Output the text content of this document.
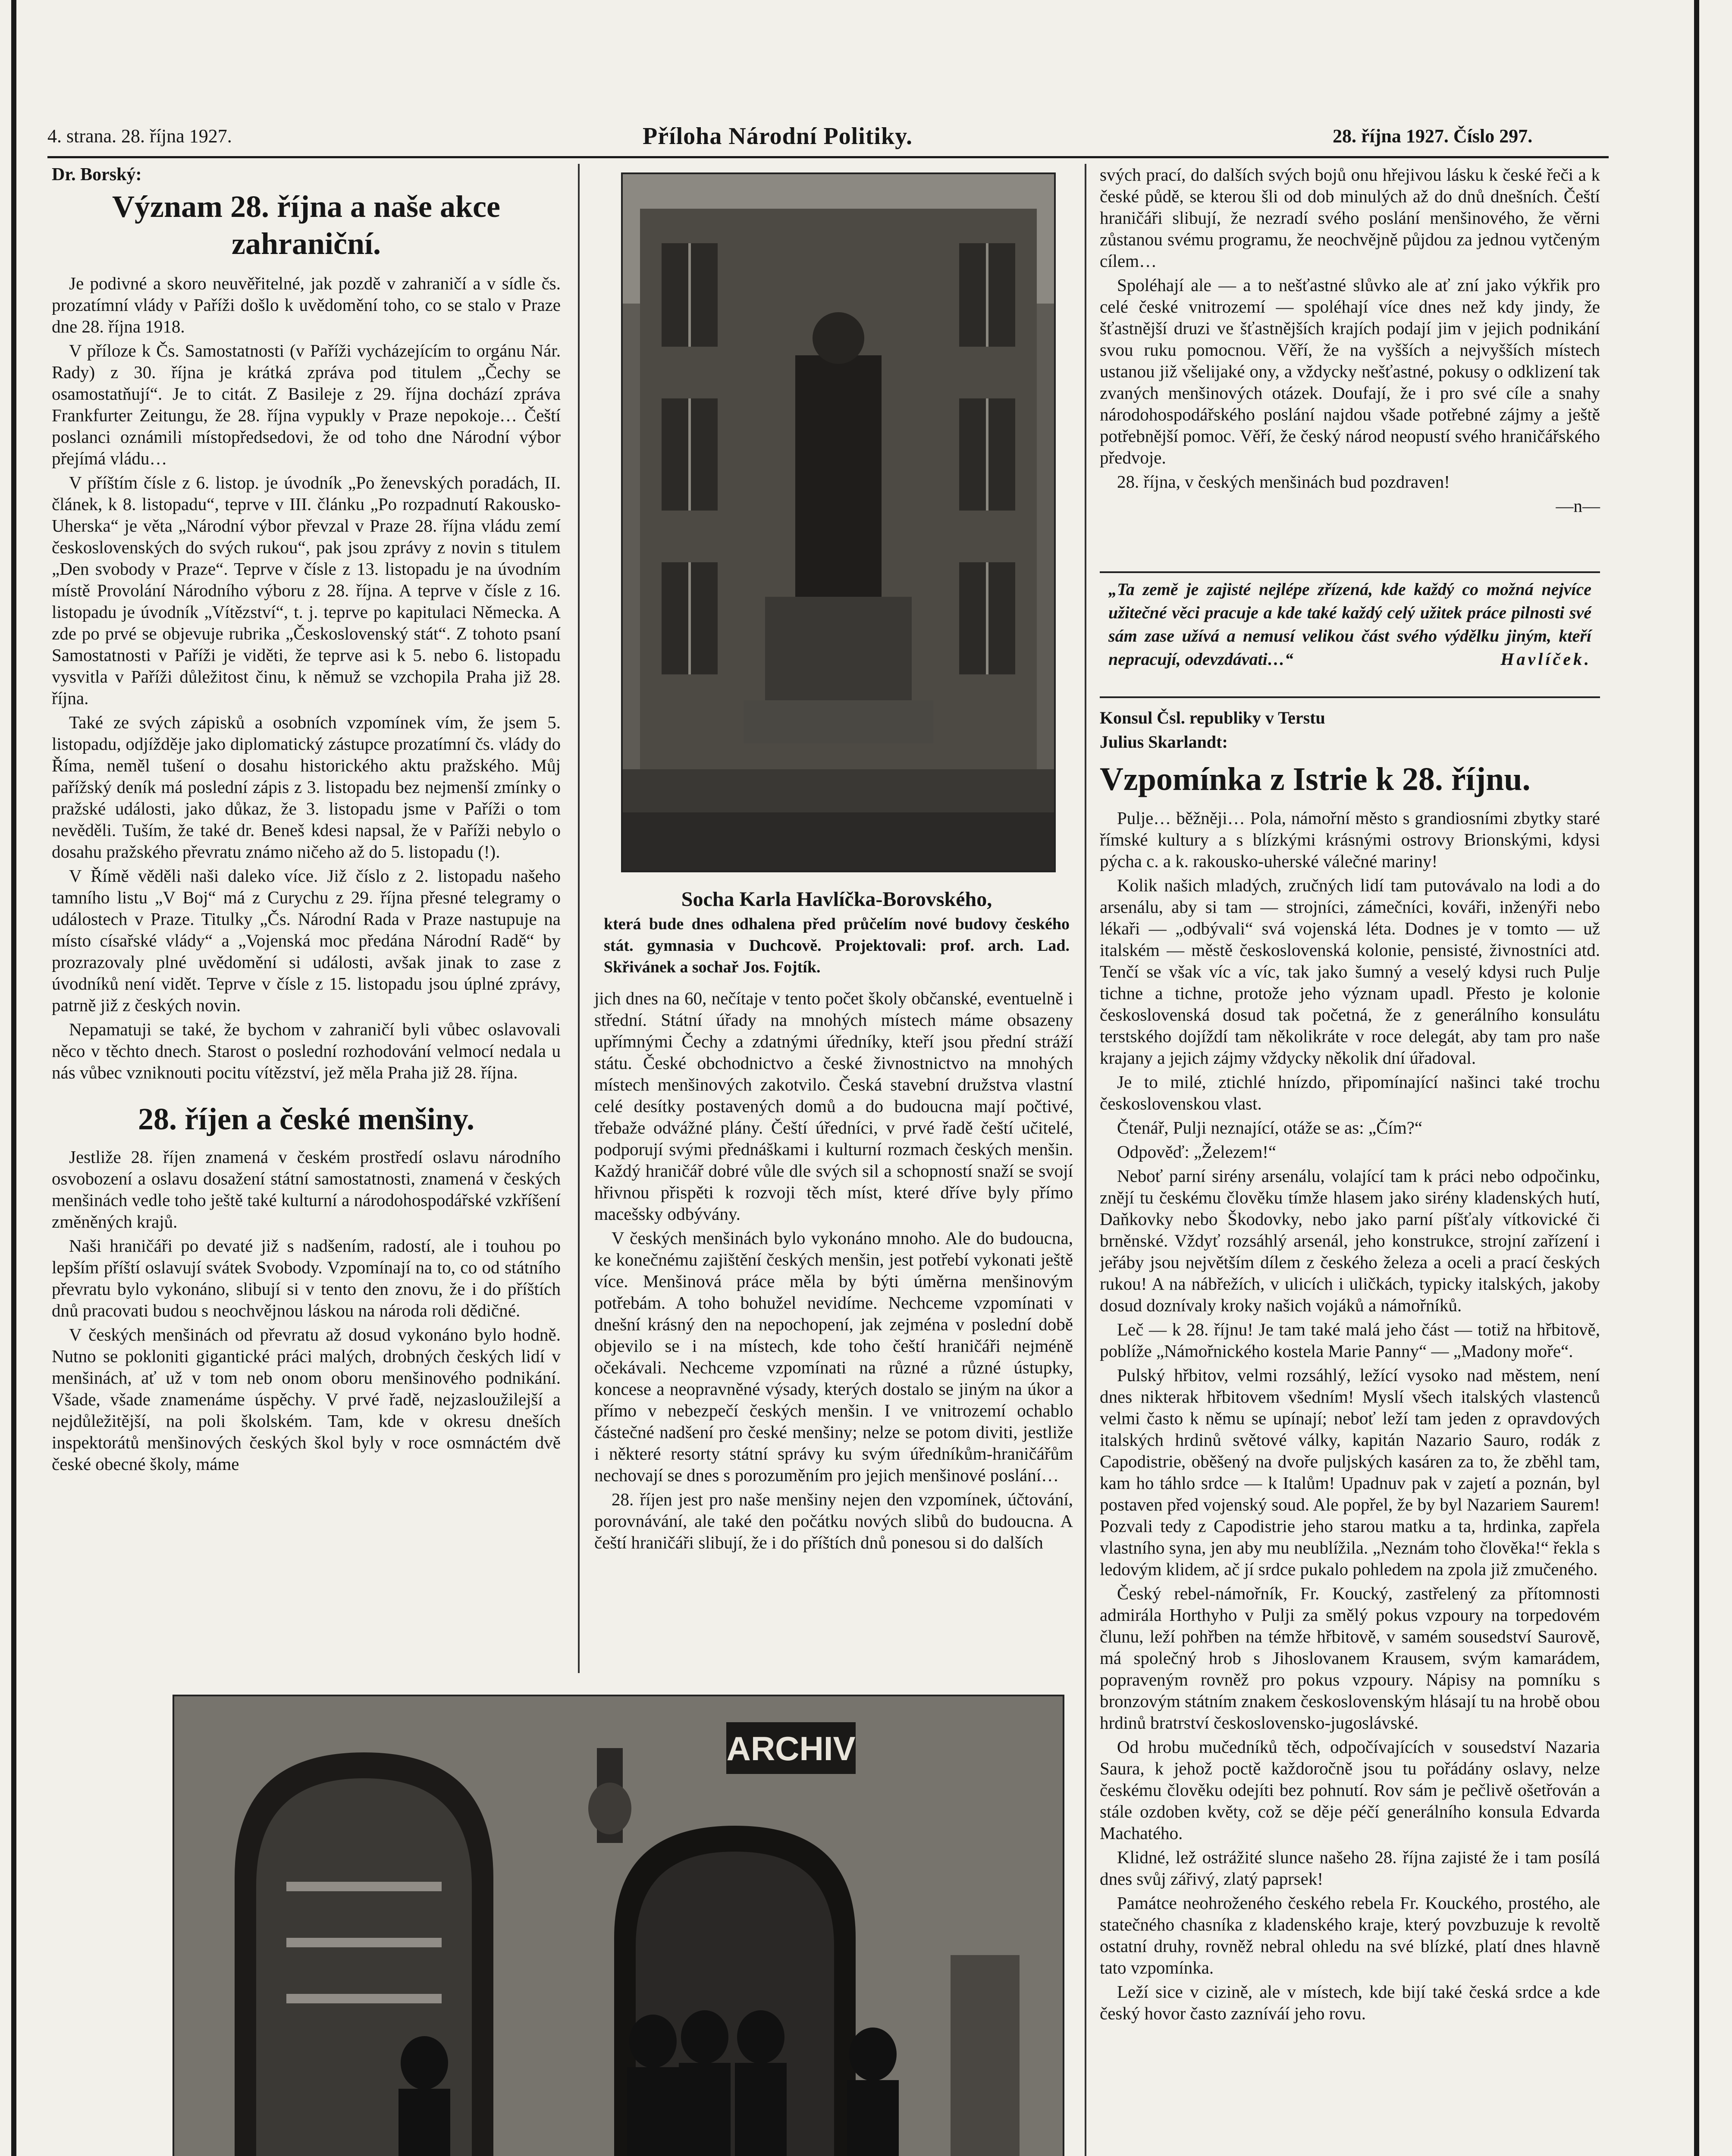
4. strana. 28. října 1927.	Příloha Národní Politiky.	28. října 1927. Číslo 297.

Dr. Borský:

Význam 28. října a naše akce zahraniční.

Je podivné a skoro neuvěřitelné, jak pozdě v zahraničí a v sídle čs. prozatímní vlády v Paříži došlo k uvědomění toho, co se stalo v Praze dne 28. října 1918.

V příloze k Čs. Samostatnosti (v Paříži vycházejícím to orgánu Nár. Rady) z 30. října je krátká zpráva pod titulem „Čechy se osamostatňují“. Je to citát. Z Basileje z 29. října dochází zpráva Frankfurter Zeitungu, že 28. října vypukly v Praze nepokoje… Čeští poslanci oznámili místopředsedovi, že od toho dne Národní výbor přejímá vládu…

V příštím čísle z 6. listop. je úvodník „Po ženevských poradách, II. článek, k 8. listopadu“, teprve v III. článku „Po rozpadnutí Rakousko-Uherska“ je věta „Národní výbor převzal v Praze 28. října vládu zemí československých do svých rukou“, pak jsou zprávy z novin s titulem „Den svobody v Praze“. Teprve v čísle z 13. listopadu je na úvodním místě Provolání Národního výboru z 28. října. A teprve v čísle z 16. listopadu je úvodník „Vítězství“, t. j. teprve po kapitulaci Německa. A zde po prvé se objevuje rubrika „Československý stát“. Z tohoto psaní Samostatnosti v Paříži je viděti, že teprve asi k 5. nebo 6. listopadu vysvitla v Paříži důležitost činu, k němuž se vzchopila Praha již 28. října.

Také ze svých zápisků a osobních vzpomínek vím, že jsem 5. listopadu, odjížděje jako diplomatický zástupce prozatímní čs. vlády do Říma, neměl tušení o dosahu historického aktu pražského. Můj pařížský deník má poslední zápis z 3. listopadu bez nejmenší zmínky o pražské události, jako důkaz, že 3. listopadu jsme v Paříži o tom nevěděli. Tuším, že také dr. Beneš kdesi napsal, že v Paříži nebylo o dosahu pražského převratu známo ničeho až do 5. listopadu (!).

V Římě věděli naši daleko více. Již číslo z 2. listopadu našeho tamního listu „V Boj“ má z Curychu z 29. října přesné telegramy o událostech v Praze. Titulky „Čs. Národní Rada v Praze nastupuje na místo císařské vlády“ a „Vojenská moc předána Národní Radě“ by prozrazovaly plné uvědomění si události, avšak jinak to zase z úvodníků není vidět. Teprve v čísle z 15. listopadu jsou úplné zprávy, patrně již z českých novin.

Nepamatuji se také, že bychom v zahraničí byli vůbec oslavovali něco v těchto dnech. Starost o poslední rozhodování velmocí nedala u nás vůbec vzniknouti pocitu vítězství, jež měla Praha již 28. října.

28. říjen a české menšiny.

Jestliže 28. říjen znamená v českém prostředí oslavu národního osvobození a oslavu dosažení státní samostatnosti, znamená v českých menšinách vedle toho ještě také kulturní a národohospodářské vzkříšení změněných krajů.

Naši hraničáři po devaté již s nadšením, radostí, ale i touhou po lepším příští oslavují svátek Svobody. Vzpomínají na to, co od státního převratu bylo vykonáno, slibují si v tento den znovu, že i do příštích dnů pracovati budou s neochvějnou láskou na národa roli dědičné.

V českých menšinách od převratu až dosud vykonáno bylo hodně. Nutno se pokloniti gigantické práci malých, drobných českých lidí v menšinách, ať už v tom neb onom oboru menšinového podnikání. Všade, všade znamenáme úspěchy. V prvé řadě, nejzasloužilejší a nejdůležitější, na poli školském. Tam, kde v okresu dneších inspektorátů menšinových českých škol byly v roce osmnáctém dvě české obecné školy, máme

Socha Karla Havlíčka-Borovského,
která bude dnes odhalena před průčelím nové budovy českého stát. gymnasia v Duchcově. Projektovali: prof. arch. Lad. Skřivánek a sochař Jos. Fojtík.

jich dnes na 60, nečítaje v tento počet školy občanské, eventuelně i střední. Státní úřady na mnohých místech máme obsazeny upřímnými Čechy a zdatnými úředníky, kteří jsou přední stráží státu. České obchodnictvo a české živnostnictvo na mnohých místech menšinových zakotvilo. Česká stavební družstva vlastní celé desítky postavených domů a do budoucna mají počtivé, třebaže odvážné plány. Čeští úředníci, v prvé řadě čeští učitelé, podporují svými přednáškami i kulturní rozmach českých menšin. Každý hraničář dobré vůle dle svých sil a schopností snaží se svojí hřivnou přispěti k rozvoji těch míst, které dříve byly přímo macešsky odbývány.

V českých menšinách bylo vykonáno mnoho. Ale do budoucna, ke konečnému zajištění českých menšin, jest potřebí vykonati ještě více. Menšinová práce měla by býti úměrna menšinovým potřebám. A toho bohužel nevidíme. Nechceme vzpomínati v dnešní krásný den na nepochopení, jak zejména v poslední době objevilo se i na místech, kde toho čeští hraničáři nejméně očekávali. Nechceme vzpomínati na různé a různé ústupky, koncese a neopravněné výsady, kterých dostalo se jiným na úkor a přímo v nebezpečí českých menšin. I ve vnitrozemí ochablo částečné nadšení pro české menšiny; nelze se potom diviti, jestliže i některé resorty státní správy ku svým úředníkům-hraničářům nechovají se dnes s porozuměním pro jejich menšinové poslání…

28. říjen jest pro naše menšiny nejen den vzpomínek, účtování, porovnávání, ale také den počátku nových slibů do budoucna. A čeští hraničáři slibují, že i do příštích dnů ponesou si do dalších

svých prací, do dalších svých bojů onu hřejivou lásku k české řeči a k české půdě, se kterou šli od dob minulých až do dnů dnešních. Čeští hraničáři slibují, že nezradí svého poslání menšinového, že věrni zůstanou svému programu, že neochvějně půjdou za jednou vytčeným cílem…

Spoléhají ale — a to nešťastné slůvko ale ať zní jako výkřik pro celé české vnitrozemí — spoléhají více dnes než kdy jindy, že šťastnější druzi ve šťastnějších krajích podají jim v jejich podnikání svou ruku pomocnou. Věří, že na vyšších a nejvyšších místech ustanou již všelijaké ony, a vždycky nešťastné, pokusy o odklizení tak zvaných menšinových otázek. Doufají, že i pro své cíle a snahy národohospodářského poslání najdou všade potřebné zájmy a ještě potřebnější pomoc. Věří, že český národ neopustí svého hraničářského předvoje.

28. října, v českých menšinách bud pozdraven!

—n—

„Ta země je zajisté nejlépe zřízená, kde každý co možná nejvíce užitečné věci pracuje a kde také každý celý užitek práce pilnosti své sám zase užívá a nemusí velikou část svého výdělku jiným, kteří nepracují, odevzdávati…“	Havlíček.

Konsul Čsl. republiky v Terstu

Julius Skarlandt:

Vzpomínka z Istrie k 28. říjnu.

Pulje… běžněji… Pola, námořní město s grandiosními zbytky staré římské kultury a s blízkými krásnými ostrovy Brionskými, kdysi pýcha c. a k. rakousko-uherské válečné mariny!

Kolik našich mladých, zručných lidí tam putovávalo na lodi a do arsenálu, aby si tam — strojníci, zámečníci, kováři, inženýři nebo lékaři — „odbývali“ svá vojenská léta. Dodnes je v tomto — už italském — městě československá kolonie, pensisté, živnostníci atd. Tenčí se však víc a víc, tak jako šumný a veselý kdysi ruch Pulje tichne a tichne, protože jeho význam upadl. Přesto je kolonie československá dosud tak početná, že z generálního konsulátu terstského dojíždí tam několikráte v roce delegát, aby tam pro naše krajany a jejich zájmy vždycky několik dní úřadoval.

Je to milé, ztichlé hnízdo, připomínající našinci také trochu československou vlast.

Čtenář, Pulji neznající, otáže se as: „Čím?“

Odpověď: „Železem!“

Neboť parní sirény arsenálu, volající tam k práci nebo odpočinku, znějí tu českému člověku tímže hlasem jako sirény kladenských hutí, Daňkovky nebo Škodovky, nebo jako parní píšťaly vítkovické či brněnské. Vždyť rozsáhlý arsenál, jeho konstrukce, strojní zařízení i jeřáby jsou největším dílem z českého železa a oceli a prací českých rukou! A na nábřežích, v ulicích i uličkách, typicky italských, jakoby dosud doznívaly kroky našich vojáků a námořníků.

Leč — k 28. říjnu! Je tam také malá jeho část — totiž na hřbitově, poblíže „Námořnického kostela Marie Panny“ — „Madony moře“.

Pulský hřbitov, velmi rozsáhlý, ležící vysoko nad městem, není dnes nikterak hřbitovem všedním! Myslí všech italských vlastenců velmi často k němu se upínají; neboť leží tam jeden z opravdových italských hrdinů světové války, kapitán Nazario Sauro, rodák z Capodistrie, oběšený na dvoře puljských kasáren za to, že zběhl tam, kam ho táhlo srdce — k Italům! Upadnuv pak v zajetí a poznán, byl postaven před vojenský soud. Ale popřel, že by byl Nazariem Saurem! Pozvali tedy z Capodistrie jeho starou matku a ta, hrdinka, zapřela vlastního syna, jen aby mu neublížila. „Neznám toho člověka!“ řekla s ledovým klidem, ač jí srdce pukalo pohledem na zpola již zmučeného.

Český rebel-námořník, Fr. Koucký, zastřelený za přítomnosti admirála Horthyho v Pulji za smělý pokus vzpoury na torpedovém člunu, leží pohřben na témže hřbitově, v samém sousedství Saurově, má společný hrob s Jihoslovanem Krausem, svým kamarádem, popraveným rovněž pro pokus vzpoury. Nápisy na pomníku s bronzovým státním znakem československým hlásají tu na hrobě obou hrdinů bratrství československo-jugoslávské.

Od hrobu mučedníků těch, odpočívajících v sousedství Nazaria Saura, k jehož poctě každoročně jsou tu pořádány oslavy, nelze českému člověku odejíti bez pohnutí. Rov sám je pečlivě ošetřován a stále ozdoben květy, což se děje péčí generálního konsula Edvarda Machatého.

Klidné, lež ostrážité slunce našeho 28. října zajisté že i tam posílá dnes svůj zářivý, zlatý paprsek!

Památce neohroženého českého rebela Fr. Kouckého, prostého, ale statečného chasníka z kladenského kraje, který povzbuzuje k revoltě ostatní druhy, rovněž nebral ohledu na své blízké, platí dnes hlavně tato vzpomínka.

Leží sice v cizině, ale v místech, kde bijí také česká srdce a kde český hovor často zazníváí jeho rovu.

ARCHIV
